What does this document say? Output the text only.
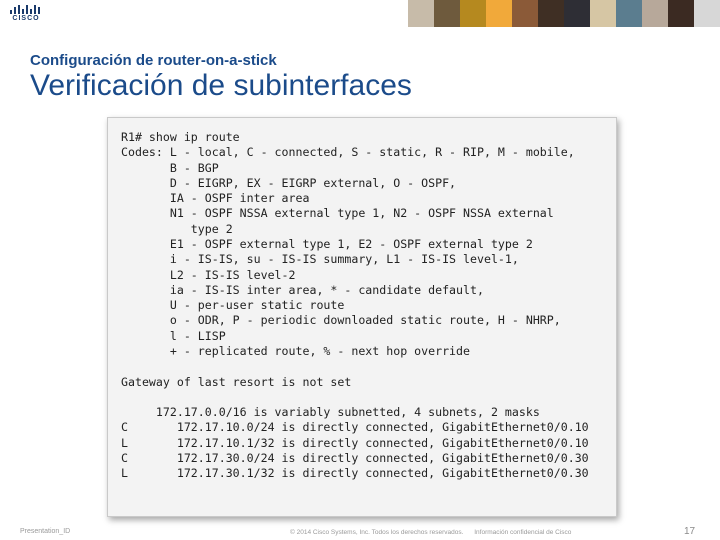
CISCO
Configuración de router-on-a-stick
Verificación de subinterfaces
R1# show ip route
Codes: L - local, C - connected, S - static, R - RIP, M - mobile,
B - BGP
D - EIGRP, EX - EIGRP external, O - OSPF,
IA - OSPF inter area
N1 - OSPF NSSA external type 1, N2 - OSPF NSSA external
type 2
E1 - OSPF external type 1, E2 - OSPF external type 2
i - IS-IS, su - IS-IS summary, L1 - IS-IS level-1,
L2 - IS-IS level-2
ia - IS-IS inter area, * - candidate default,
U - per-user static route
o - ODR, P - periodic downloaded static route, H - NHRP,
l - LISP
+ - replicated route, % - next hop override

Gateway of last resort is not set

172.17.0.0/16 is variably subnetted, 4 subnets, 2 masks
C       172.17.10.0/24 is directly connected, GigabitEthernet0/0.10
L       172.17.10.1/32 is directly connected, GigabitEthernet0/0.10
C       172.17.30.0/24 is directly connected, GigabitEthernet0/0.30
L       172.17.30.1/32 is directly connected, GigabitEthernet0/0.30
Presentation_ID	© 2014 Cisco Systems, Inc. Todos los derechos reservados. Información confidencial de Cisco	17
